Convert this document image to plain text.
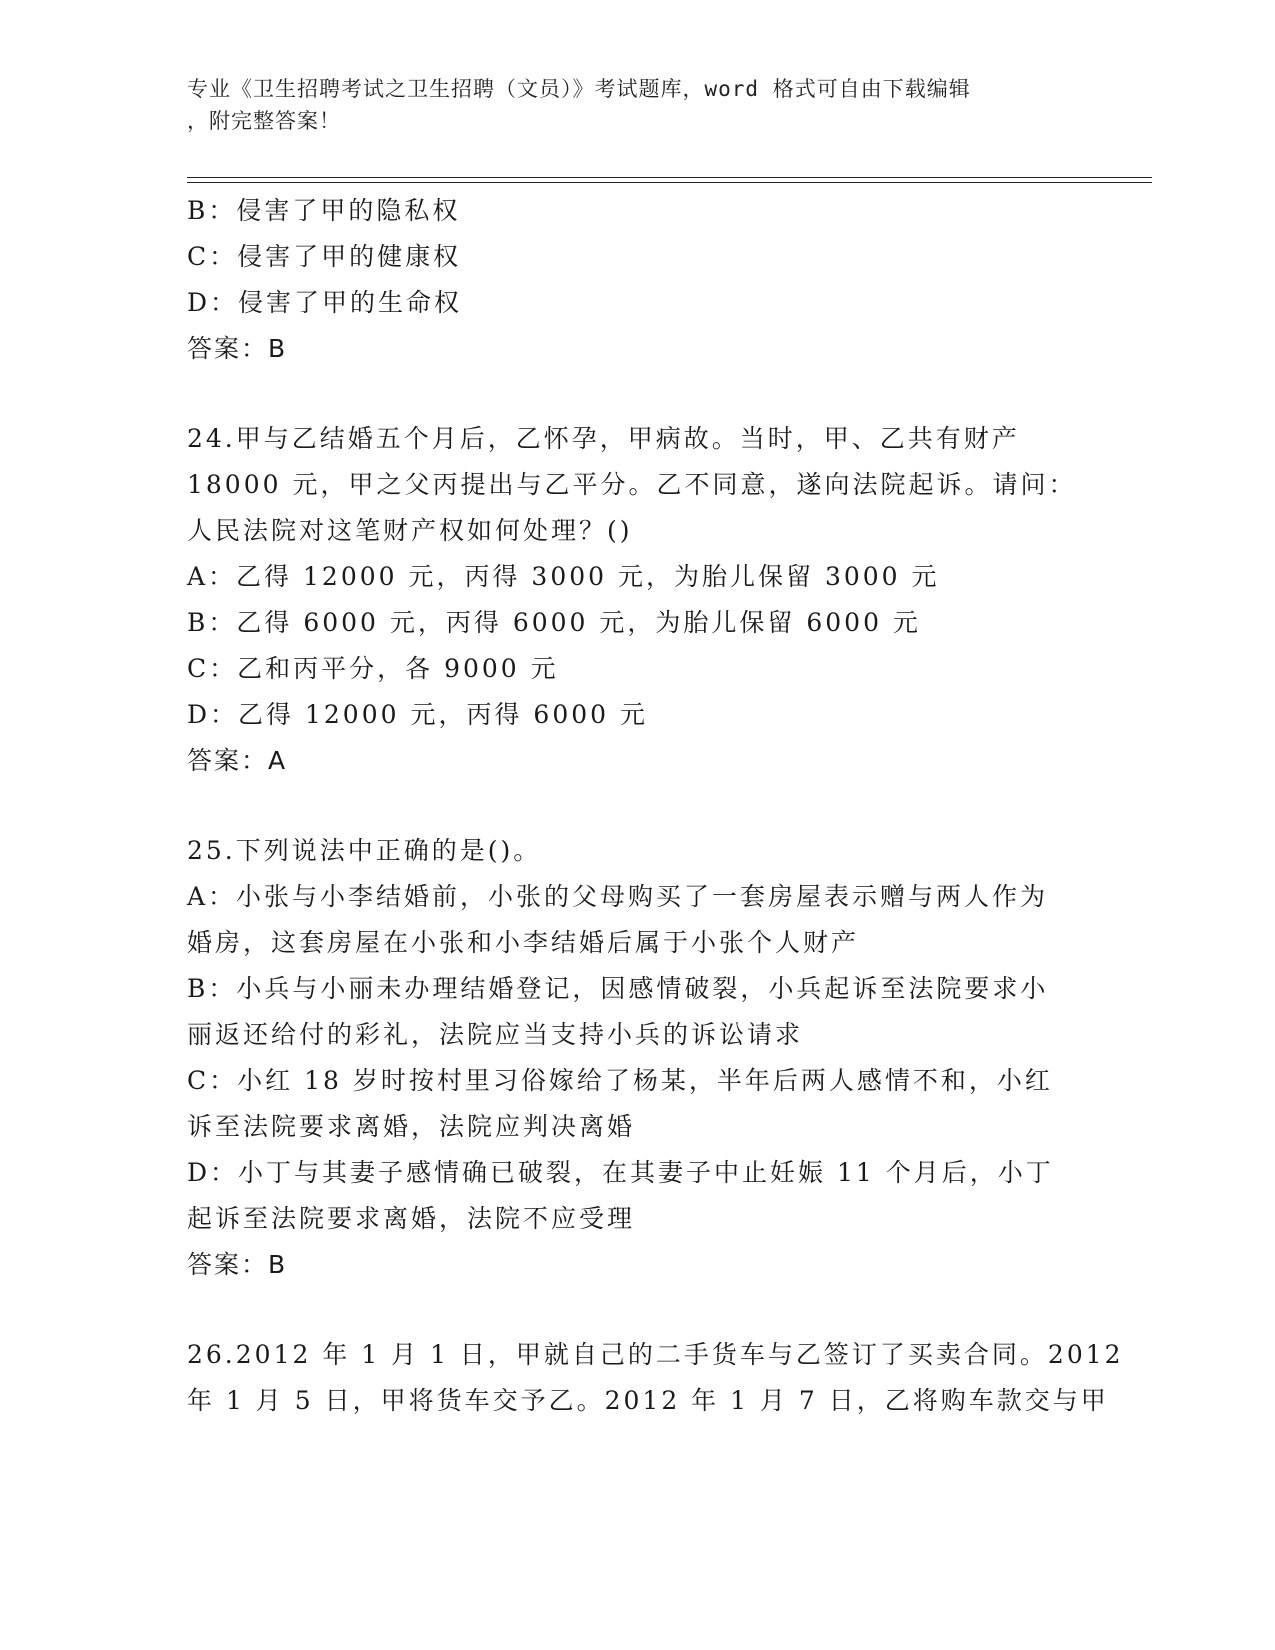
专业《卫生招聘考试之卫生招聘（文员）》考试题库，word 格式可自由下载编辑
，附完整答案！

B：侵害了甲的隐私权

C：侵害了甲的健康权

D：侵害了甲的生命权

答案：B

24.甲与乙结婚五个月后，乙怀孕，甲病故。当时，甲、乙共有财产

18000 元，甲之父丙提出与乙平分。乙不同意，遂向法院起诉。请问：

人民法院对这笔财产权如何处理？()

A：乙得 12000 元，丙得 3000 元，为胎儿保留 3000 元

B：乙得 6000 元，丙得 6000 元，为胎儿保留 6000 元

C：乙和丙平分，各 9000 元

D：乙得 12000 元，丙得 6000 元

答案：A

25.下列说法中正确的是()。

A：小张与小李结婚前，小张的父母购买了一套房屋表示赠与两人作为

婚房，这套房屋在小张和小李结婚后属于小张个人财产

B：小兵与小丽未办理结婚登记，因感情破裂，小兵起诉至法院要求小

丽返还给付的彩礼，法院应当支持小兵的诉讼请求

C：小红 18 岁时按村里习俗嫁给了杨某，半年后两人感情不和，小红

诉至法院要求离婚，法院应判决离婚

D：小丁与其妻子感情确已破裂，在其妻子中止妊娠 11 个月后，小丁

起诉至法院要求离婚，法院不应受理

答案：B

26.2012 年 1 月 1 日，甲就自己的二手货车与乙签订了买卖合同。2012

年 1 月 5 日，甲将货车交予乙。2012 年 1 月 7 日，乙将购车款交与甲
